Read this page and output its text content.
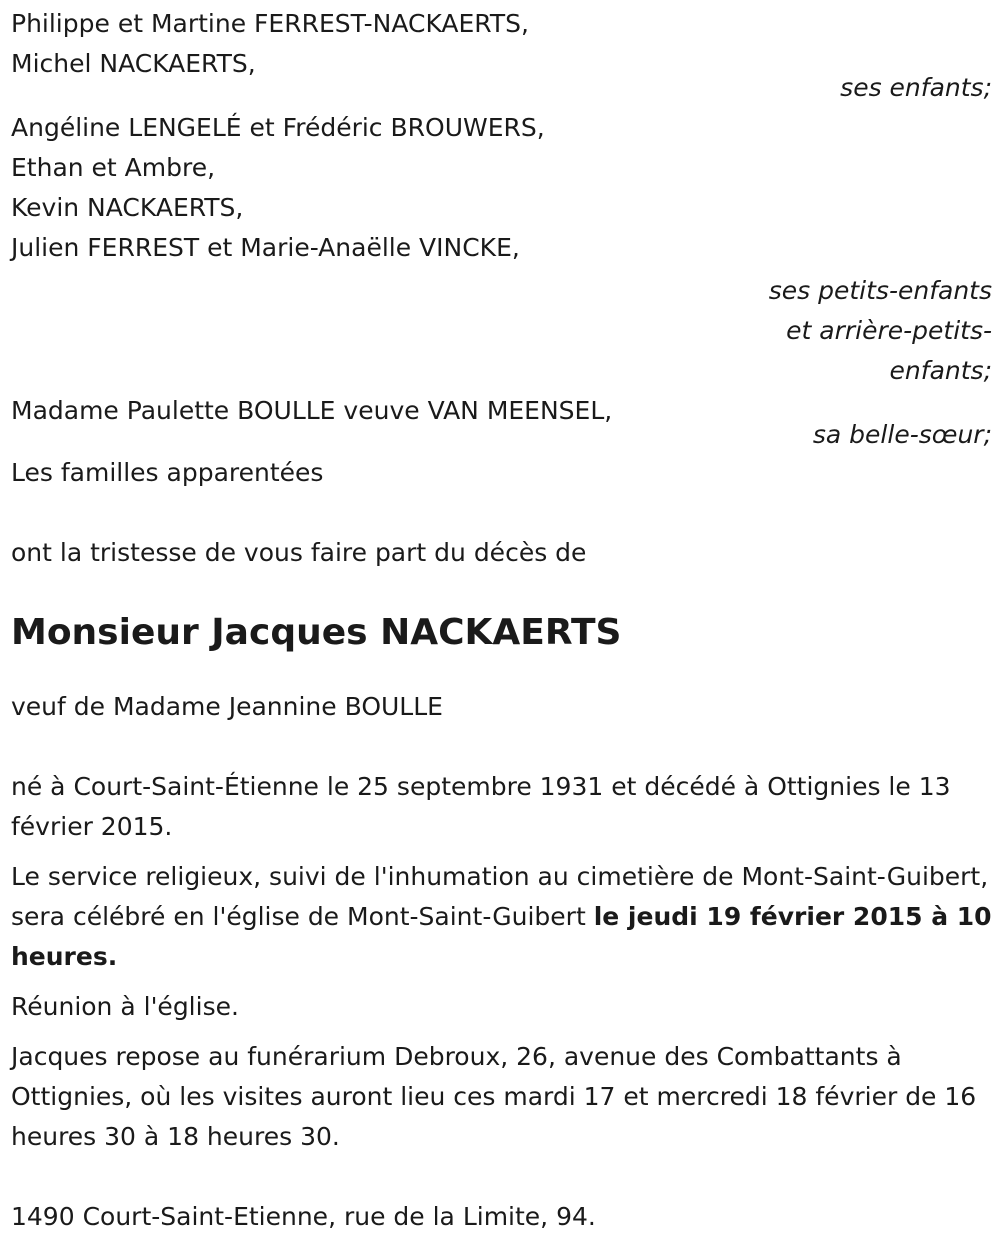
Philippe et Martine FERREST-NACKAERTS,
Michel NACKAERTS,
ses enfants;
Angéline LENGELÉ et Frédéric BROUWERS,
Ethan et Ambre,
Kevin NACKAERTS,
Julien FERREST et Marie-Anaëlle VINCKE,
ses petits-enfants
et arrière-petits-
enfants;
Madame Paulette BOULLE veuve VAN MEENSEL,
sa belle-sœur;
Les familles apparentées
ont la tristesse de vous faire part du décès de
Monsieur Jacques NACKAERTS
veuf de Madame Jeannine BOULLE
né à Court-Saint-Étienne le 25 septembre 1931 et décédé à Ottignies le 13 février 2015.
Le service religieux, suivi de l'inhumation au cimetière de Mont-Saint-Guibert, sera célébré en l'église de Mont-Saint-Guibert le jeudi 19 février 2015 à 10 heures.
Réunion à l'église.
Jacques repose au funérarium Debroux, 26, avenue des Combattants à Ottignies, où les visites auront lieu ces mardi 17 et mercredi 18 février de 16 heures 30 à 18 heures 30.
1490 Court-Saint-Etienne, rue de la Limite, 94.
